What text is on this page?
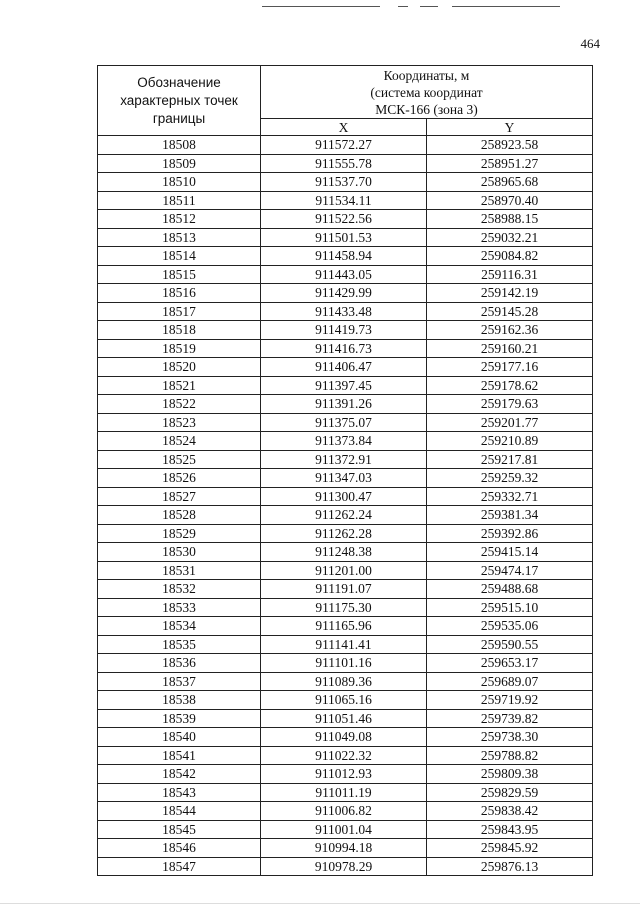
464
Обозначение характерных точек границы	Координаты, м
(система координат
МСК-166 (зона 3)	

	X	Y
18508	911572.27	258923.58
18509	911555.78	258951.27
18510	911537.70	258965.68
18511	911534.11	258970.40
18512	911522.56	258988.15
18513	911501.53	259032.21
18514	911458.94	259084.82
18515	911443.05	259116.31
18516	911429.99	259142.19
18517	911433.48	259145.28
18518	911419.73	259162.36
18519	911416.73	259160.21
18520	911406.47	259177.16
18521	911397.45	259178.62
18522	911391.26	259179.63
18523	911375.07	259201.77
18524	911373.84	259210.89
18525	911372.91	259217.81
18526	911347.03	259259.32
18527	911300.47	259332.71
18528	911262.24	259381.34
18529	911262.28	259392.86
18530	911248.38	259415.14
18531	911201.00	259474.17
18532	911191.07	259488.68
18533	911175.30	259515.10
18534	911165.96	259535.06
18535	911141.41	259590.55
18536	911101.16	259653.17
18537	911089.36	259689.07
18538	911065.16	259719.92
18539	911051.46	259739.82
18540	911049.08	259738.30
18541	911022.32	259788.82
18542	911012.93	259809.38
18543	911011.19	259829.59
18544	911006.82	259838.42
18545	911001.04	259843.95
18546	910994.18	259845.92
18547	910978.29	259876.13
